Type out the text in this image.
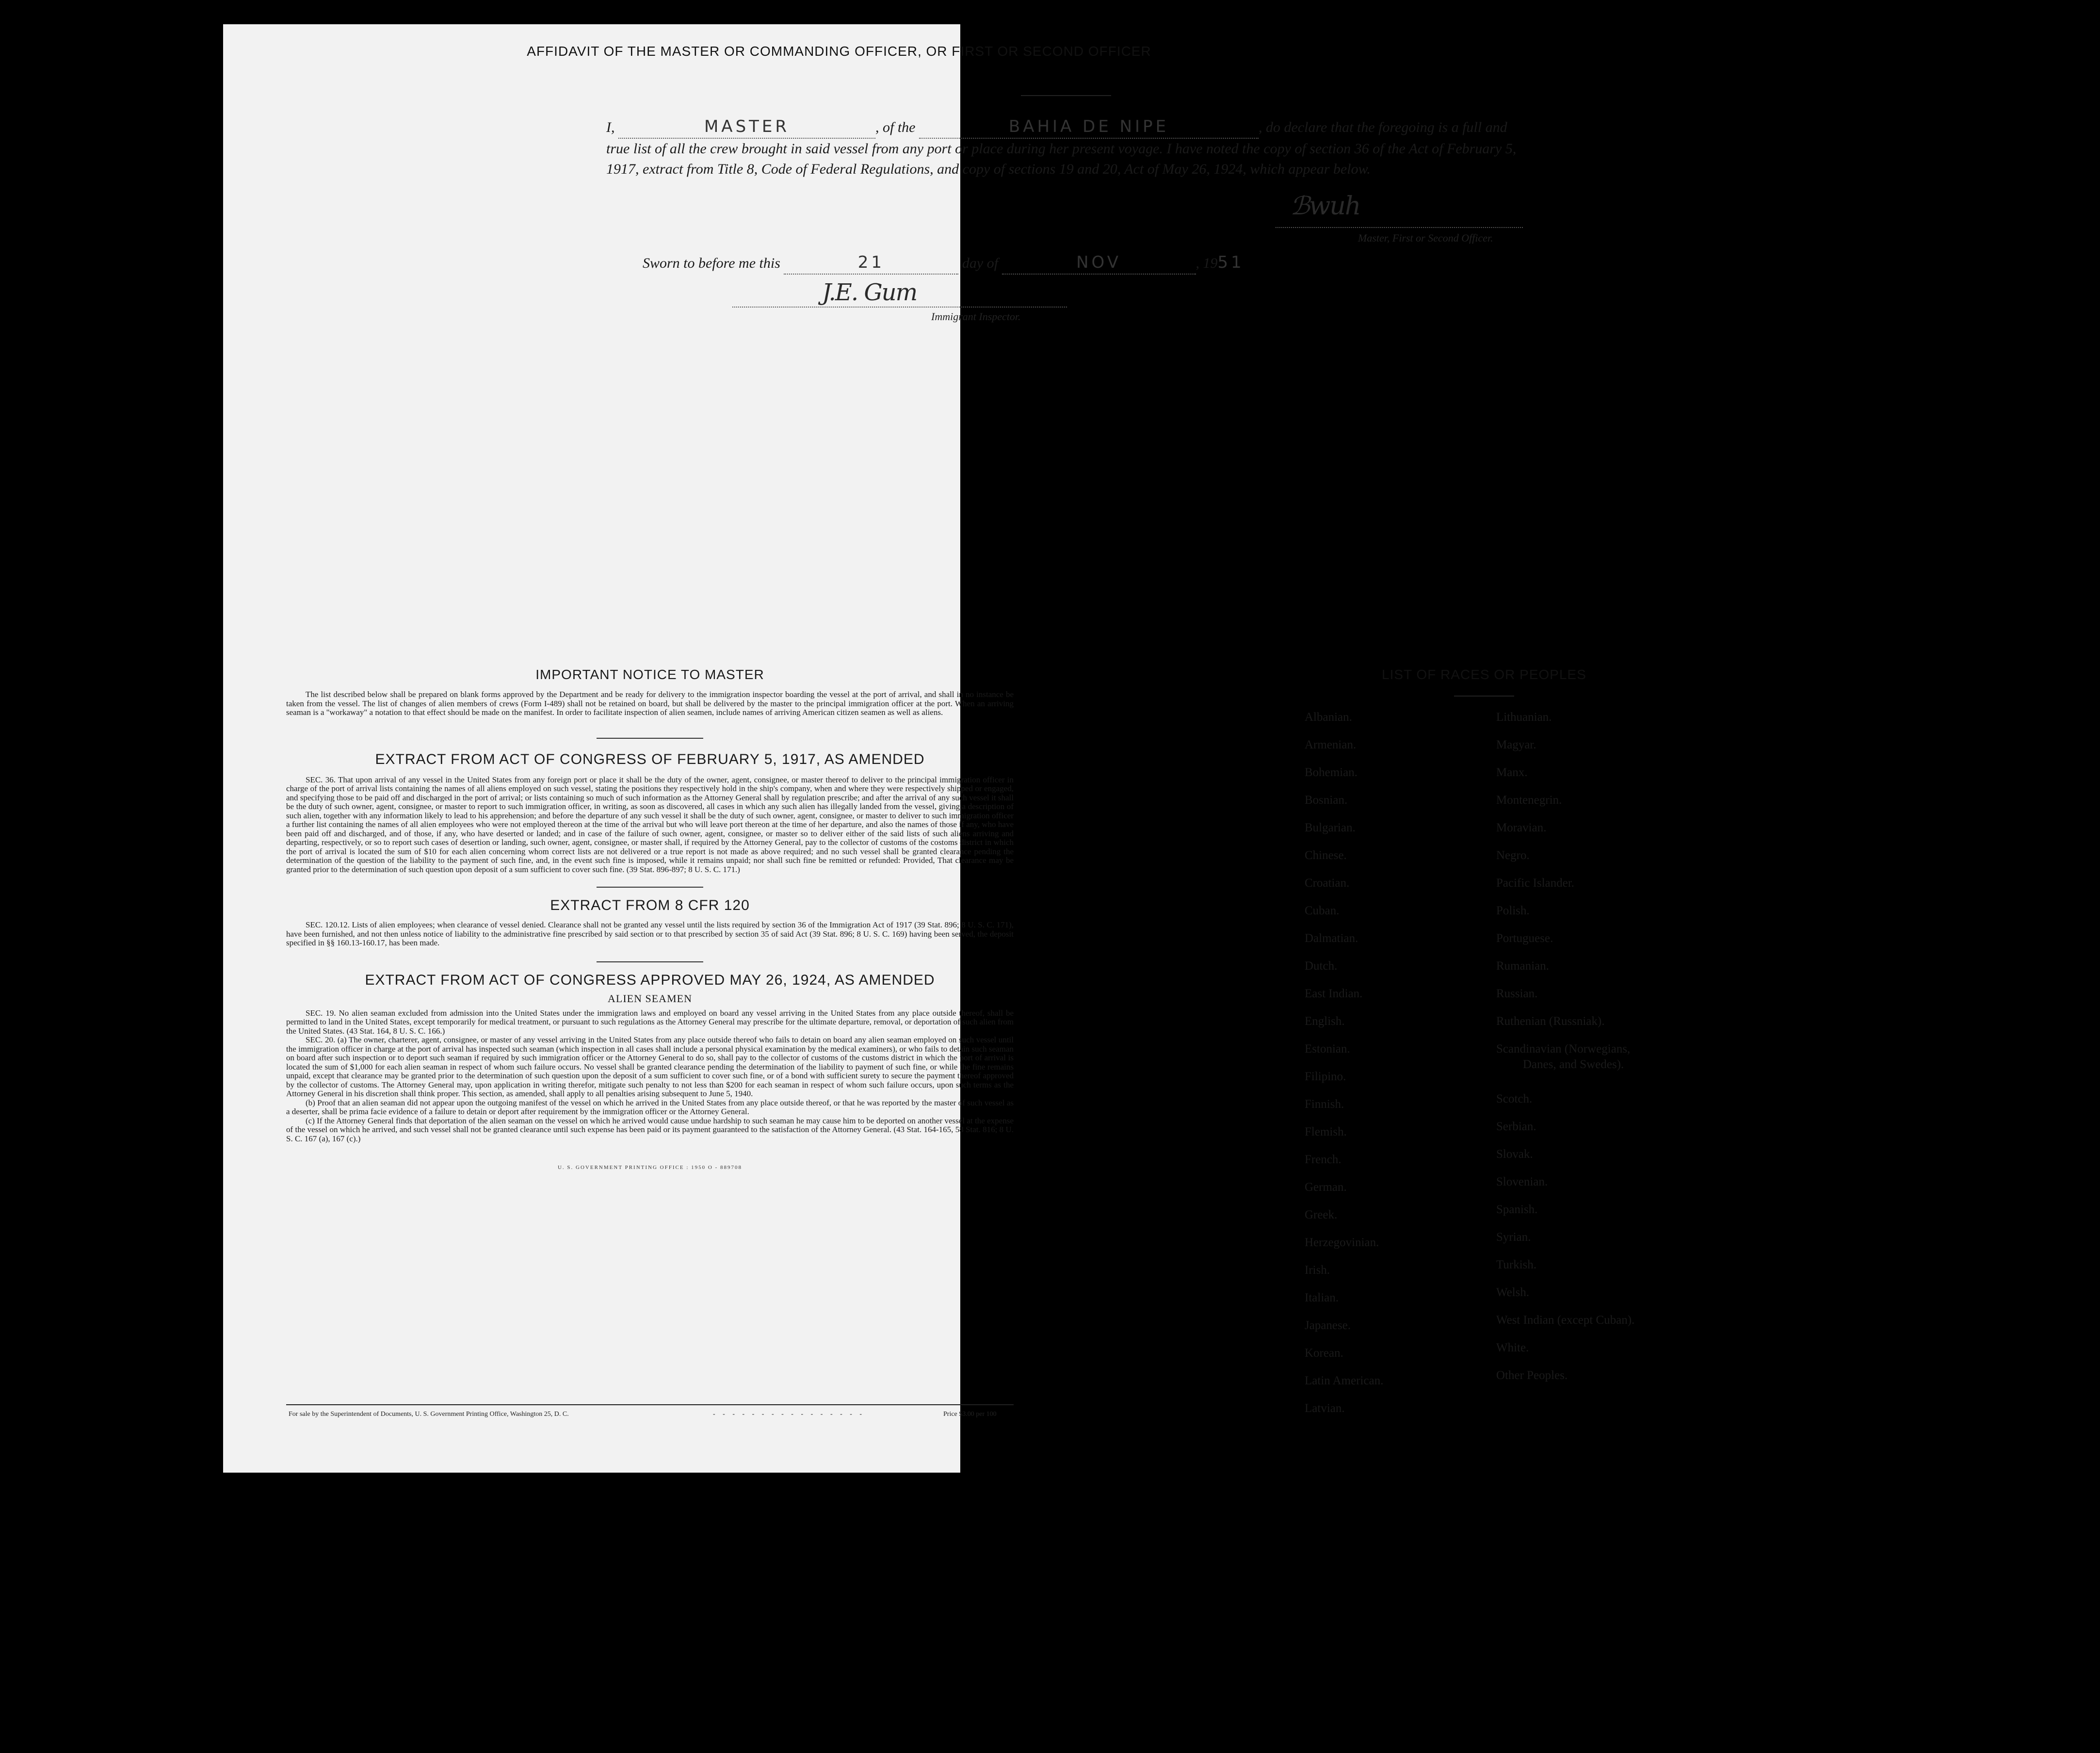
AFFIDAVIT OF THE MASTER OR COMMANDING OFFICER, OR FIRST OR SECOND OFFICER
I,	MASTER	, of the	BAHIA DE NIPE	, do declare that the foregoing is a full and true list of all the crew brought in said vessel from any port or place during her present voyage. I have noted the copy of section 36 of the Act of February 5, 1917, extract from Title 8, Code of Federal Regulations, and copy of sections 19 and 20, Act of May 26, 1924, which appear below.
ℬwuh
Master, First or Second Officer.
Sworn to before me this	21	day of	NOV	, 1951
J.E. Gum
Immigrant Inspector.

IMPORTANT NOTICE TO MASTER

The list described below shall be prepared on blank forms approved by the Department and be ready for delivery to the immigration inspector boarding the vessel at the port of arrival, and shall in no instance be taken from the vessel. The list of changes of alien members of crews (Form I-489) shall not be retained on board, but shall be delivered by the master to the principal immigration officer at the port. When an arriving seaman is a "workaway" a notation to that effect should be made on the manifest. In order to facilitate inspection of alien seamen, include names of arriving American citizen seamen as well as aliens.

EXTRACT FROM ACT OF CONGRESS OF FEBRUARY 5, 1917, AS AMENDED

SEC. 36. That upon arrival of any vessel in the United States from any foreign port or place it shall be the duty of the owner, agent, consignee, or master thereof to deliver to the principal immigration officer in charge of the port of arrival lists containing the names of all aliens employed on such vessel, stating the positions they respectively hold in the ship's company, when and where they were respectively shipped or engaged, and specifying those to be paid off and discharged in the port of arrival; or lists containing so much of such information as the Attorney General shall by regulation prescribe; and after the arrival of any such vessel it shall be the duty of such owner, agent, consignee, or master to report to such immigration officer, in writing, as soon as discovered, all cases in which any such alien has illegally landed from the vessel, giving a description of such alien, together with any information likely to lead to his apprehension; and before the departure of any such vessel it shall be the duty of such owner, agent, consignee, or master to deliver to such immigration officer a further list containing the names of all alien employees who were not employed thereon at the time of the arrival but who will leave port thereon at the time of her departure, and also the names of those if any, who have been paid off and discharged, and of those, if any, who have deserted or landed; and in case of the failure of such owner, agent, consignee, or master so to deliver either of the said lists of such aliens arriving and departing, respectively, or so to report such cases of desertion or landing, such owner, agent, consignee, or master shall, if required by the Attorney General, pay to the collector of customs of the costoms district in which the port of arrival is located the sum of $10 for each alien concerning whom correct lists are not delivered or a true report is not made as above required; and no such vessel shall be granted clearance pending the determination of the question of the liability to the payment of such fine, and, in the event such fine is imposed, while it remains unpaid; nor shall such fine be remitted or refunded: Provided, That clearance may be granted prior to the determination of such question upon deposit of a sum sufficient to cover such fine. (39 Stat. 896-897; 8 U. S. C. 171.)

EXTRACT FROM 8 CFR 120

SEC. 120.12. Lists of alien employees; when clearance of vessel denied. Clearance shall not be granted any vessel until the lists required by section 36 of the Immigration Act of 1917 (39 Stat. 896; 8 U. S. C. 171), have been furnished, and not then unless notice of liability to the administrative fine prescribed by said section or to that prescribed by section 35 of said Act (39 Stat. 896; 8 U. S. C. 169) having been served, the deposit specified in §§ 160.13-160.17, has been made.

EXTRACT FROM ACT OF CONGRESS APPROVED MAY 26, 1924, AS AMENDED

ALIEN SEAMEN

SEC. 19. No alien seaman excluded from admission into the United States under the immigration laws and employed on board any vessel arriving in the United States from any place outside thereof, shall be permitted to land in the United States, except temporarily for medical treatment, or pursuant to such regulations as the Attorney General may prescribe for the ultimate departure, removal, or deportation of such alien from the United States. (43 Stat. 164, 8 U. S. C. 166.)

SEC. 20. (a) The owner, charterer, agent, consignee, or master of any vessel arriving in the United States from any place outside thereof who fails to detain on board any alien seaman employed on such vessel until the immigration officer in charge at the port of arrival has inspected such seaman (which inspection in all cases shall include a personal physical examination by the medical examiners), or who fails to detain such seaman on board after such inspection or to deport such seaman if required by such immigration officer or the Attorney General to do so, shall pay to the collector of customs of the customs district in which the port of arrival is located the sum of $1,000 for each alien seaman in respect of whom such failure occurs. No vessel shall be granted clearance pending the determination of the liability to payment of such fine, or while the fine remains unpaid, except that clearance may be granted prior to the determination of such question upon the deposit of a sum sufficient to cover such fine, or of a bond with sufficient surety to secure the payment thereof approved by the collector of customs. The Attorney General may, upon application in writing therefor, mitigate such penalty to not less than $200 for each seaman in respect of whom such failure occurs, upon such terms as the Attorney General in his discretion shall think proper. This section, as amended, shall apply to all penalties arising subsequent to June 5, 1940.

(b) Proof that an alien seaman did not appear upon the outgoing manifest of the vessel on which he arrived in the United States from any place outside thereof, or that he was reported by the master of such vessel as a deserter, shall be prima facie evidence of a failure to detain or deport after requirement by the immigration officer or the Attorney General.

(c) If the Attorney General finds that deportation of the alien seaman on the vessel on which he arrived would cause undue hardship to such seaman he may cause him to be deported on another vessel at the expense of the vessel on which he arrived, and such vessel shall not be granted clearance until such expense has been paid or its payment guaranteed to the satisfaction of the Attorney General. (43 Stat. 164-165, 58 Stat. 816; 8 U. S. C. 167 (a), 167 (c).)

U. S. GOVERNMENT PRINTING OFFICE : 1950 O - 889708
For sale by the Superintendent of Documents, U. S. Government Printing Office, Washington 25, D. C.	- - - - - - - - - - - - - - - -	Price $3.00 per 100
LIST OF RACES OR PEOPLES
Albanian.
Armenian.
Bohemian.
Bosnian.
Bulgarian.
Chinese.
Croatian.
Cuban.
Dalmatian.
Dutch.
East Indian.
English.
Estonian.
Filipino.
Finnish.
Flemish.
French.
German.
Greek.
Herzegovinian.
Irish.
Italian.
Japanese.
Korean.
Latin American.
Latvian.
Lithuanian.
Magyar.
Manx.
Montenegrin.
Moravian.
Negro.
Pacific Islander.
Polish.
Portuguese.
Rumanian.
Russian.
Ruthenian (Russniak).
Scandinavian (Norwegians,
Danes, and Swedes).
Scotch.
Serbian.
Slovak.
Slovenian.
Spanish.
Syrian.
Turkish.
Welsh.
West Indian (except Cuban).
White.
Other Peoples.
